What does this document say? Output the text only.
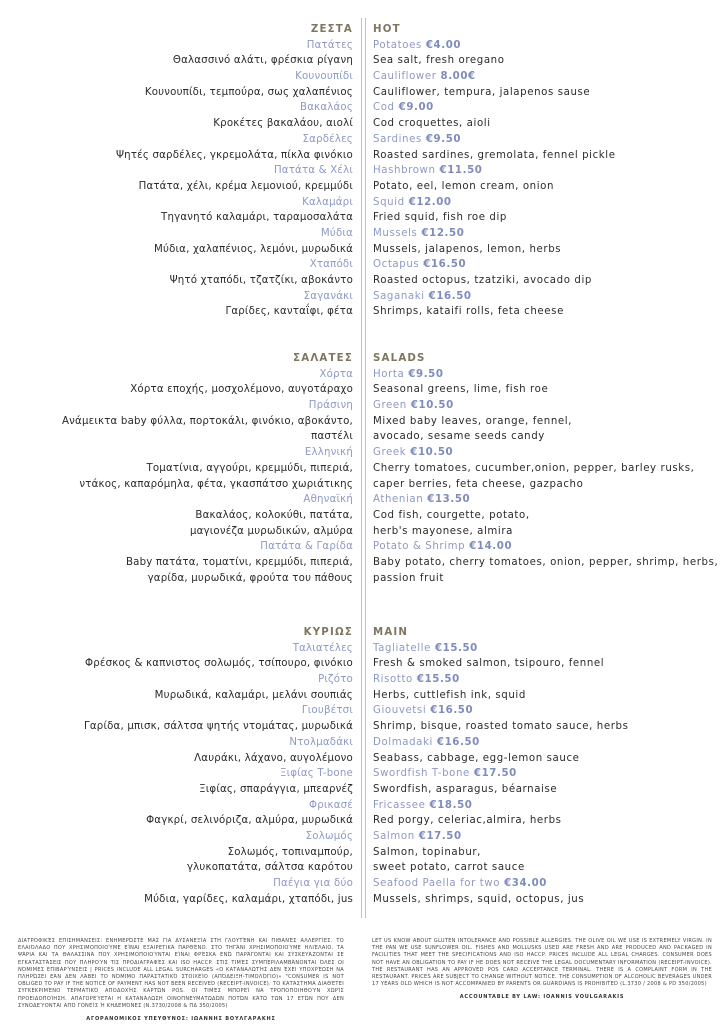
ΖΕΣΤΑ HOT
Πατάτες Potatoes €4.00
Θαλασσινό αλάτι, φρέσκια ρίγανη Sea salt, fresh oregano
Κουνουπίδι Cauliflower 8.00€
Κουνουπίδι, τεμπούρα, σως χαλαπένιος Cauliflower, tempura, jalapenos sause
Βακαλάος Cod €9.00
Κροκέτες βακαλάου, αιολί Cod croquettes, aioli
Σαρδέλες Sardines €9.50
Ψητές σαρδέλες, γκρεμολάτα, πίκλα φινόκιο Roasted sardines, gremolata, fennel pickle
Πατάτα & Χέλι Hashbrown €11.50
Πατάτα, χέλι, κρέμα λεμονιού, κρεμμύδι Potato, eel, lemon cream, onion
Καλαμάρι Squid €12.00
Τηγανητό καλαμάρι, ταραμοσαλάτα Fried squid, fish roe dip
Μύδια Mussels €12.50
Μύδια, χαλαπένιος, λεμόνι, μυρωδικά Mussels, jalapenos, lemon, herbs
Χταπόδι Octapus €16.50
Ψητό χταπόδι, τζατζίκι, αβοκάντο Roasted octopus, tzatziki, avocado dip
Σαγανάκι Saganaki €16.50
Γαρίδες, κανταΐφι, φέτα Shrimps, kataifi rolls, feta cheese
ΣΑΛΑΤΕΣ SALADS
Χόρτα Horta €9.50
Χόρτα εποχής, μοσχολέμονο, αυγοτάραχο Seasonal greens, lime, fish roe
Πράσινη Green €10.50
Ανάμεικτα baby φύλλα, πορτοκάλι, φινόκιο, αβοκάντο, Mixed baby leaves, orange, fennel,
παστέλι avocado, sesame seeds candy
Ελληνική Greek €10.50
Τοματίνια, αγγούρι, κρεμμύδι, πιπεριά, Cherry tomatoes, cucumber,onion, pepper, barley rusks,
ντάκος, καπαρόμηλα, φέτα, γκασπάτσο χωριάτικης caper berries, feta cheese, gazpacho
Αθηναϊκή Athenian €13.50
Βακαλάος, κολοκύθι, πατάτα, Cod fish, courgette, potato,
μαγιονέζα μυρωδικών, αλμύρα herb's mayonese, almira
Πατάτα & Γαρίδα Potato & Shrimp €14.00
Baby πατάτα, τοματίνι, κρεμμύδι, πιπεριά, Baby potato, cherry tomatoes, onion, pepper, shrimp, herbs,
γαρίδα, μυρωδικά, φρούτα του πάθους passion fruit
ΚΥΡΙΩΣ MAIN
Ταλιατέλες Tagliatelle €15.50
Φρέσκος & καπνιστος σολωμός, τσίπουρο, φινόκιο Fresh & smoked salmon, tsipouro, fennel
Ριζότο Risotto €15.50
Μυρωδικά, καλαμάρι, μελάνι σουπιάς Herbs, cuttlefish ink, squid
Γιουβέτσι Giouvetsi €16.50
Γαρίδα, μπισκ, σάλτσα ψητής ντομάτας, μυρωδικά Shrimp, bisque, roasted tomato sauce, herbs
Ντολμαδάκι Dolmadaki €16.50
Λαυράκι, λάχανο, αυγολέμονο Seabass, cabbage, egg-lemon sauce
Ξιφίας T-bone Swordfish T-bone €17.50
Ξιφίας, σπαράγγια, μπεαρνέζ Swordfish, asparagus, béarnaise
Φρικασέ Fricassee €18.50
Φαγκρί, σελινόριζα, αλμύρα, μυρωδικά Red porgy, celeriac,almira, herbs
Σολωμός Salmon €17.50
Σολωμός, τοπιναμπούρ, Salmon, topinabur,
γλυκοπατάτα, σάλτσα καρότου sweet potato, carrot sauce
Παέγια για δύο Seafood Paella for two €34.00
Μύδια, γαρίδες, καλαμάρι, χταπόδι, jus Mussels, shrimps, squid, octopus, jus
ΔΙΑΤΡΟΦΙΚΈΣ ΕΠΙΣΗΜΆΝΣΕΙΣ: ΕΝΗΜΕΡΏΣΤΕ ΜΑΣ ΓΙΑ ΔΥΣΑΝΕΞΊΑ ΣΤΗ ΓΛΟΥΤΈΝΗ ΚΑΙ ΠΙΘΑΝΈΣ ΑΛΛΕΡΓΊΕΣ. ΤΟ ΕΛΑΙΌΛΑΔΟ ΠΟΥ ΧΡΗΣΙΜΟΠΟΙΟΎΜΕ ΕΊΝΑΙ ΕΞΑΙΡΕΤΙΚΆ ΠΑΡΘΈΝΟ. ΣΤΟ ΤΗΓΆΝΙ ΧΡΗΣΙΜΟΠΟΙΟΎΜΕ ΗΛΙΈΛΑΙΟ. ΤΑ ΨΆΡΙΑ ΚΑΙ ΤΑ ΘΑΛΑΣΣΙΝΆ ΠΟΥ ΧΡΗΣΙΜΟΠΟΙΟΎΝΤΑΙ ΕΊΝΑΙ ΦΡΈΣΚΑ ΕΝΏ ΠΑΡΆΓΟΝΤΑΙ ΚΑΙ ΣΥΣΚΕΥΆΖΟΝΤΑΙ ΣΕ ΕΓΚΑΤΑΣΤΆΣΕΙΣ ΠΟΥ ΠΛΗΡΟΎΝ ΤΙΣ ΠΡΟΔΙΑΓΡΑΦΈΣ ΚΑΙ ISO HACCP. ΣΤΙΣ ΤΙΜΈΣ ΣΥΜΠΕΡΙΛΑΜΒΆΝΟΝΤΑΙ ΌΛΕΣ ΟΙ ΝΌΜΙΜΕΣ ΕΠΙΒΑΡΎΝΣΕΙΣ | PRICES INCLUDE ALL LEGAL SURCHARGES «O ΚΑΤΑΝΑΛΩΤΉΣ ΔΕΝ ΈΧΕΙ ΥΠΟΧΡΈΩΣΗ ΝΑ ΠΛΗΡΏΣΕΙ ΕΆΝ ΔΕΝ ΛΆΒΕΙ ΤΟ ΝΌΜΙΜΟ ΠΑΡΑΣΤΑΤΙΚΌ ΣΤΟΙΧΕΊΟ (ΑΠΌΔΕΙΞΗ-ΤΙΜΟΛΌΓΙΟ)» "CONSUMER IS NOT OBLIGED TO PAY IF THE NOTICE OF PAYMENT HAS NOT BEEN RECEIVED (RECEIPT-INVOICE). ΤΟ ΚΑΤΆΣΤΗΜΑ ΔΙΑΘΈΤΕΙ ΣΥΓΚΕΚΡΙΜΈΝΟ ΤΕΡΜΑΤΙΚΌ ΑΠΟΔΟΧΉΣ ΚΑΡΤΏΝ POS. ΟΙ ΤΙΜΈΣ ΜΠΟΡΕΊ ΝΑ ΤΡΟΠΟΠΟΙΗΘΟΎΝ ΧΩΡΊΣ ΠΡΟΕΙΔΟΠΟΊΗΣΗ. ΑΠΑΓΟΡΕΎΕΤΑΙ Η ΚΑΤΑΝΆΛΩΣΗ ΟΙΝΟΠΝΕΥΜΑΤΩΔΏΝ ΠΟΤΏΝ ΚΆΤΩ ΤΩΝ 17 ΕΤΏΝ ΠΟΥ ΔΕΝ ΣΥΝΟΔΕΎΟΝΤΑΙ ΑΠΌ ΓΟΝΕΊΣ Ή ΚΗΔΕΜΌΝΕΣ (Ν.3730/2008 & ΠΔ 350/2005)
ΑΓΟΡΑΝΟΜΙΚΟΣ ΥΠΕΥΘΥΝΟΣ: ΙΩΑΝΝΗΣ ΒΟΥΛΓΑΡΑΚΗΣ
LET US KNOW ABOUT GLUTEN INTOLERANCE AND POSSIBLE ALLERGIES. THE OLIVE OIL WE USE IS EXTREMELY VIRGIN. IN THE PAN WE USE SUNFLOWER OIL. FISHES AND MOLLUSKS USED ARE FRESH AND ARE PRODUCED AND PACKAGED IN FACILITIES THAT MEET THE SPECIFICATIONS AND ISO HACCP. PRICES INCLUDE ALL LEGAL CHARGES. CONSUMER DOES NOT HAVE AN OBLIGATION TO PAY IF HE DOES NOT RECEIVE THE LEGAL DOCUMENTARY INFORMATION (RECEIPT-INVOICE). THE RESTAURANT HAS AN APPROVED POS CARD ACCEPTANCE TERMINAL. THERE IS A COMPLAINT FORM IN THE RESTAURANT. PRICES ARE SUBJECT TO CHANGE WITHOUT NOTICE. THE CONSUMPTION OF ALCOHOLIC BEVERAGES UNDER 17 YEARS OLD WHICH IS NOT ACCOMPANIED BY PARENTS OR GUARDIANS IS PROHIBITED (L.3730 / 2008 & PD 350/2005)
ACCOUNTABLE BY LAW: IOANNIS VOULGARAKIS
